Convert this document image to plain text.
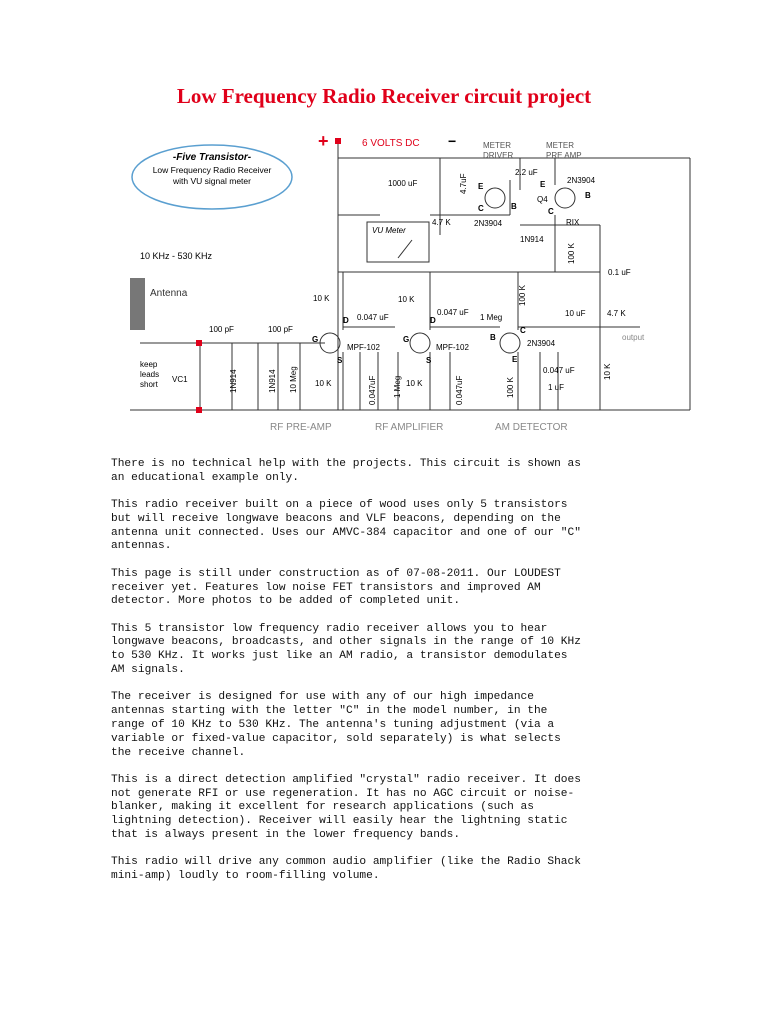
Low Frequency Radio Receiver circuit project
+
-Five Transistor-
Low Frequency Radio Receiver
with VU signal meter
6 VOLTS DC −	METER
DRIVER
METER
PRE AMP
10 KHz - 530 KHz
Antenna
keep
leads
short
VC1
VU Meter
1000 uF	4.7uF
2.2 uF
4.7 K	2N3904
2N3904
Q4
RIX
1N914
100 K
0.1 uF
10 K
0.047 uF
10 K
0.047 uF
1 Meg
100 K
10 uF	4.7 K
output
100 pF	100 pF
1N914	1N914 10 Meg
MPF-102	MPF-102	2N3904
10 K	0.047uF 1 Meg 10 K	0.047uF	100 K
0.047 uF
1 uF
10 K
G
D
S
G
D
S
B
C
E
E
C	B
E
C
B
RF PRE-AMP	RF AMPLIFIER	AM DETECTOR

There is no technical help with the projects. This circuit is shown as
an educational example only.

This radio receiver built on a piece of wood uses only 5 transistors
but will receive longwave beacons and VLF beacons, depending on the
antenna unit connected. Uses our AMVC-384 capacitor and one of our "C"
antennas.

This page is still under construction as of 07-08-2011. Our LOUDEST
receiver yet. Features low noise FET transistors and improved AM
detector. More photos to be added of completed unit.

This 5 transistor low frequency radio receiver allows you to hear
longwave beacons, broadcasts, and other signals in the range of 10 KHz
to 530 KHz. It works just like an AM radio, a transistor demodulates
AM signals.

The receiver is designed for use with any of our high impedance
antennas starting with the letter "C" in the model number, in the
range of 10 KHz to 530 KHz. The antenna's tuning adjustment (via a
variable or fixed-value capacitor, sold separately) is what selects
the receive channel.

This is a direct detection amplified "crystal" radio receiver. It does
not generate RFI or use regeneration. It has no AGC circuit or noise-
blanker, making it excellent for research applications (such as
lightning detection). Receiver will easily hear the lightning static
that is always present in the lower frequency bands.

This radio will drive any common audio amplifier (like the Radio Shack
mini-amp) loudly to room-filling volume.
